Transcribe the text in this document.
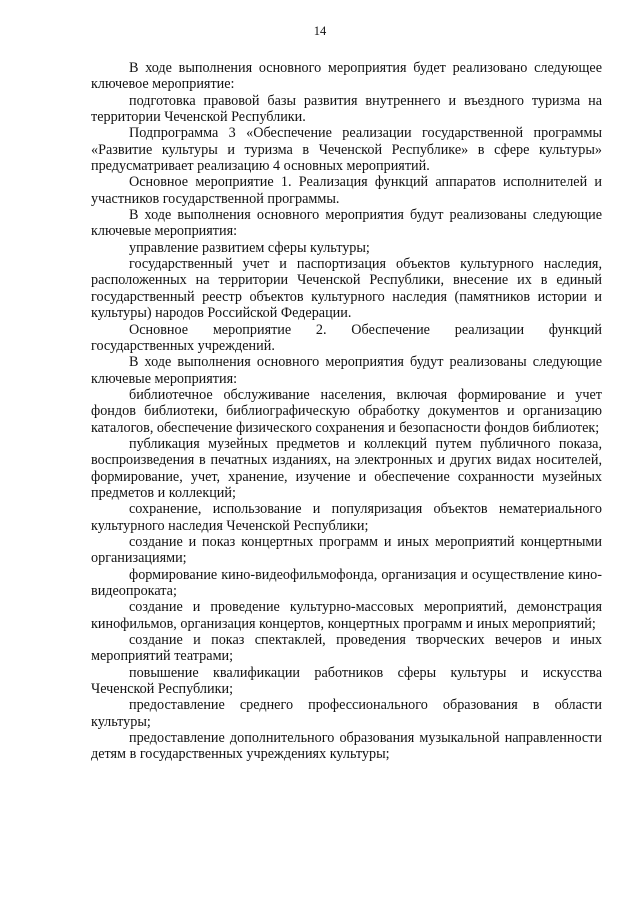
14

В ходе выполнения основного мероприятия будет реализовано следующее ключевое мероприятие:

подготовка правовой базы развития внутреннего и въездного туризма на территории Чеченской Республики.

Подпрограмма 3 «Обеспечение реализации государственной программы «Развитие культуры и туризма в Чеченской Республике» в сфере культуры» предусматривает реализацию 4 основных мероприятий.

Основное мероприятие 1. Реализация функций аппаратов исполнителей и участников государственной программы.

В ходе выполнения основного мероприятия будут реализованы следующие ключевые мероприятия:

управление развитием сферы культуры;

государственный учет и паспортизация объектов культурного наследия, расположенных на территории Чеченской Республики, внесение их в единый государственный реестр объектов культурного наследия (памятников истории и культуры) народов Российской Федерации.

Основное мероприятие 2. Обеспечение реализации функций государственных учреждений.

В ходе выполнения основного мероприятия будут реализованы следующие ключевые мероприятия:

библиотечное обслуживание населения, включая формирование и учет фондов библиотеки, библиографическую обработку документов и организацию каталогов, обеспечение физического сохранения и безопасности фондов библиотек;

публикация музейных предметов и коллекций путем публичного показа, воспроизведения в печатных изданиях, на электронных и других видах носителей, формирование, учет, хранение, изучение и обеспечение сохранности музейных предметов и коллекций;

сохранение, использование и популяризация объектов нематериального культурного наследия Чеченской Республики;

создание и показ концертных программ и иных мероприятий концертными организациями;

формирование кино-видеофильмофонда, организация и осуществление кино-видеопроката;

создание и проведение культурно-массовых мероприятий, демонстрация кинофильмов, организация концертов, концертных программ и иных мероприятий;

создание и показ спектаклей, проведения творческих вечеров и иных мероприятий театрами;

повышение квалификации работников сферы культуры и искусства Чеченской Республики;

предоставление среднего профессионального образования в области культуры;

предоставление дополнительного образования музыкальной направленности детям в государственных учреждениях культуры;
